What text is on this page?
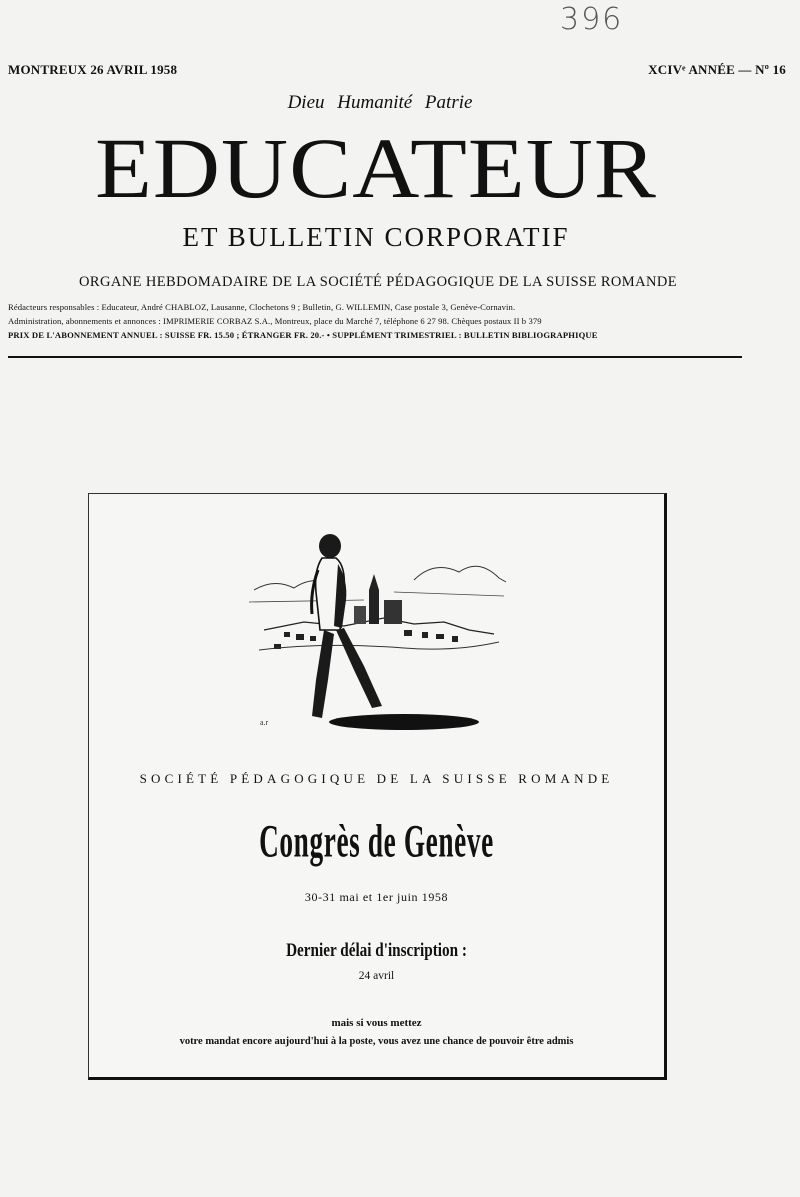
396
MONTREUX 26 AVRIL 1958	XCIVᵉ ANNÉE — Nº 16
Dieu Humanité Patrie
EDUCATEUR
ET BULLETIN CORPORATIF
ORGANE HEBDOMADAIRE DE LA SOCIÉTÉ PÉDAGOGIQUE DE LA SUISSE ROMANDE
Rédacteurs responsables : Educateur, André CHABLOZ, Lausanne, Clochetons 9 ; Bulletin, G. WILLEMIN, Case postale 3, Genève-Cornavin.
Administration, abonnements et annonces : IMPRIMERIE CORBAZ S.A., Montreux, place du Marché 7, téléphone 6 27 98. Chèques postaux II b 379
PRIX DE L'ABONNEMENT ANNUEL : SUISSE FR. 15.50 ; ÉTRANGER FR. 20.- • SUPPLÉMENT TRIMESTRIEL : BULLETIN BIBLIOGRAPHIQUE
a.r
SOCIÉTÉ PÉDAGOGIQUE DE LA SUISSE ROMANDE
Congrès de Genève
30-31 mai et 1er juin 1958
Dernier délai d'inscription :
24 avril
mais si vous mettez
votre mandat encore aujourd'hui à la poste, vous avez une chance de pouvoir être admis
